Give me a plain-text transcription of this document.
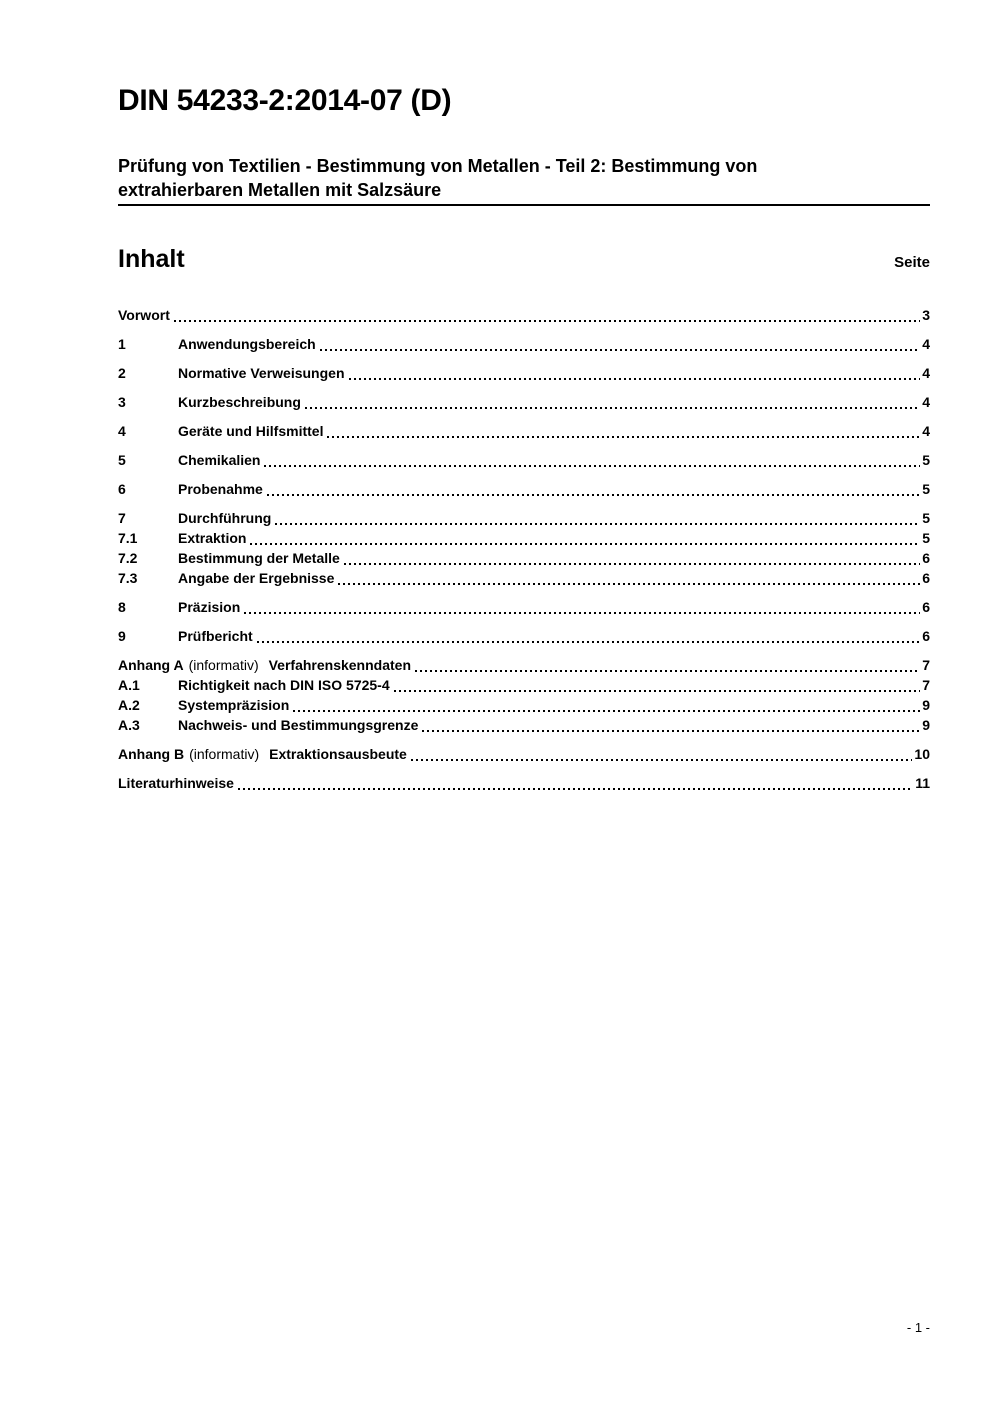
DIN 54233-2:2014-07 (D)
Prüfung von Textilien - Bestimmung von Metallen - Teil 2: Bestimmung von
extrahierbaren Metallen mit Salzsäure
Inhalt	Seite
Vorwort	3
1	Anwendungsbereich	4
2	Normative Verweisungen	4
3	Kurzbeschreibung	4
4	Geräte und Hilfsmittel	4
5	Chemikalien	5
6	Probenahme	5
7	Durchführung	5
7.1	Extraktion	5
7.2	Bestimmung der Metalle	6
7.3	Angabe der Ergebnisse	6
8	Präzision	6
9	Prüfbericht	6
Anhang A (informativ) Verfahrenskenndaten	7
A.1	Richtigkeit nach DIN ISO 5725-4	7
A.2	Systempräzision	9
A.3	Nachweis- und Bestimmungsgrenze	9
Anhang B (informativ) Extraktionsausbeute	10
Literaturhinweise	11
- 1 -
